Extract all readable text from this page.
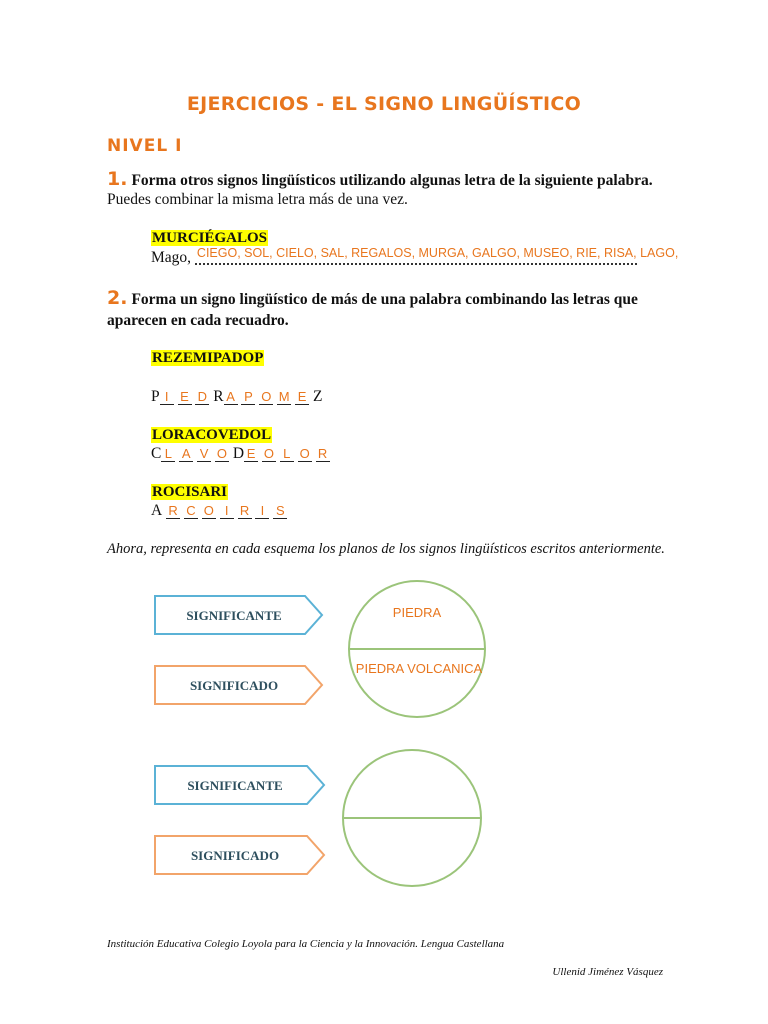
EJERCICIOS - EL SIGNO LINGÜÍSTICO
NIVEL I
1. Forma otros signos lingüísticos utilizando algunas letra de la siguiente palabra.
Puedes combinar la misma letra más de una vez.
MURCIÉGALOS
Mago, CIEGO, SOL, CIELO, SAL, REGALOS, MURGA, GALGO, MUSEO, RIE, RISA, LAGO,
2. Forma un signo lingüístico de más de una palabra combinando las letras que
aparecen en cada recuadro.
REZEMIPADOP
P I E D R A P O M E Z
LORACOVEDOL
C L A V O D E O L O R
ROCISARI
A R C O I R I S
Ahora, representa en cada esquema los planos de los signos lingüísticos escritos anteriormente.
SIGNIFICANTE
SIGNIFICADO
PIEDRA
PIEDRA VOLCANICA
SIGNIFICANTE
SIGNIFICADO
Institución Educativa Colegio Loyola para la Ciencia y la Innovación. Lengua Castellana
Ullenid Jiménez Vásquez
